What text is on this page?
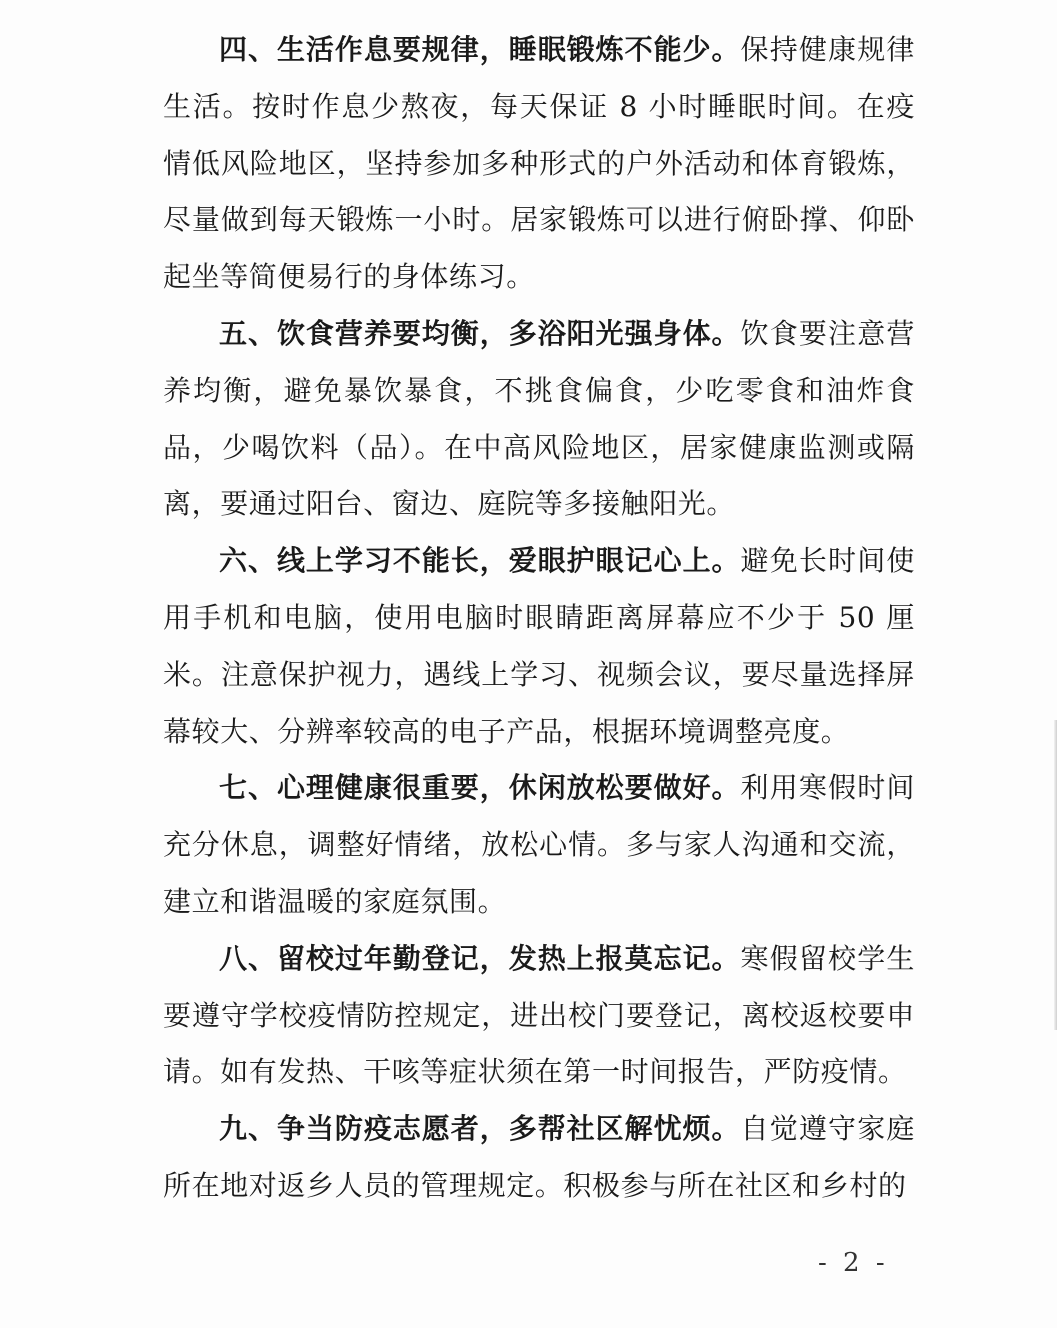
四、生活作息要规律，睡眠锻炼不能少。保持健康规律生活。按时作息少熬夜，每天保证 8 小时睡眠时间。在疫情低风险地区，坚持参加多种形式的户外活动和体育锻炼，尽量做到每天锻炼一小时。居家锻炼可以进行俯卧撑、仰卧起坐等简便易行的身体练习。

五、饮食营养要均衡，多浴阳光强身体。饮食要注意营养均衡，避免暴饮暴食，不挑食偏食，少吃零食和油炸食品，少喝饮料（品）。在中高风险地区，居家健康监测或隔离，要通过阳台、窗边、庭院等多接触阳光。

六、线上学习不能长，爱眼护眼记心上。避免长时间使用手机和电脑，使用电脑时眼睛距离屏幕应不少于 50 厘米。注意保护视力，遇线上学习、视频会议，要尽量选择屏幕较大、分辨率较高的电子产品，根据环境调整亮度。

七、心理健康很重要，休闲放松要做好。利用寒假时间充分休息，调整好情绪，放松心情。多与家人沟通和交流，建立和谐温暖的家庭氛围。

八、留校过年勤登记，发热上报莫忘记。寒假留校学生要遵守学校疫情防控规定，进出校门要登记，离校返校要申请。如有发热、干咳等症状须在第一时间报告，严防疫情。

九、争当防疫志愿者，多帮社区解忧烦。自觉遵守家庭所在地对返乡人员的管理规定。积极参与所在社区和乡村的

- 2 -
